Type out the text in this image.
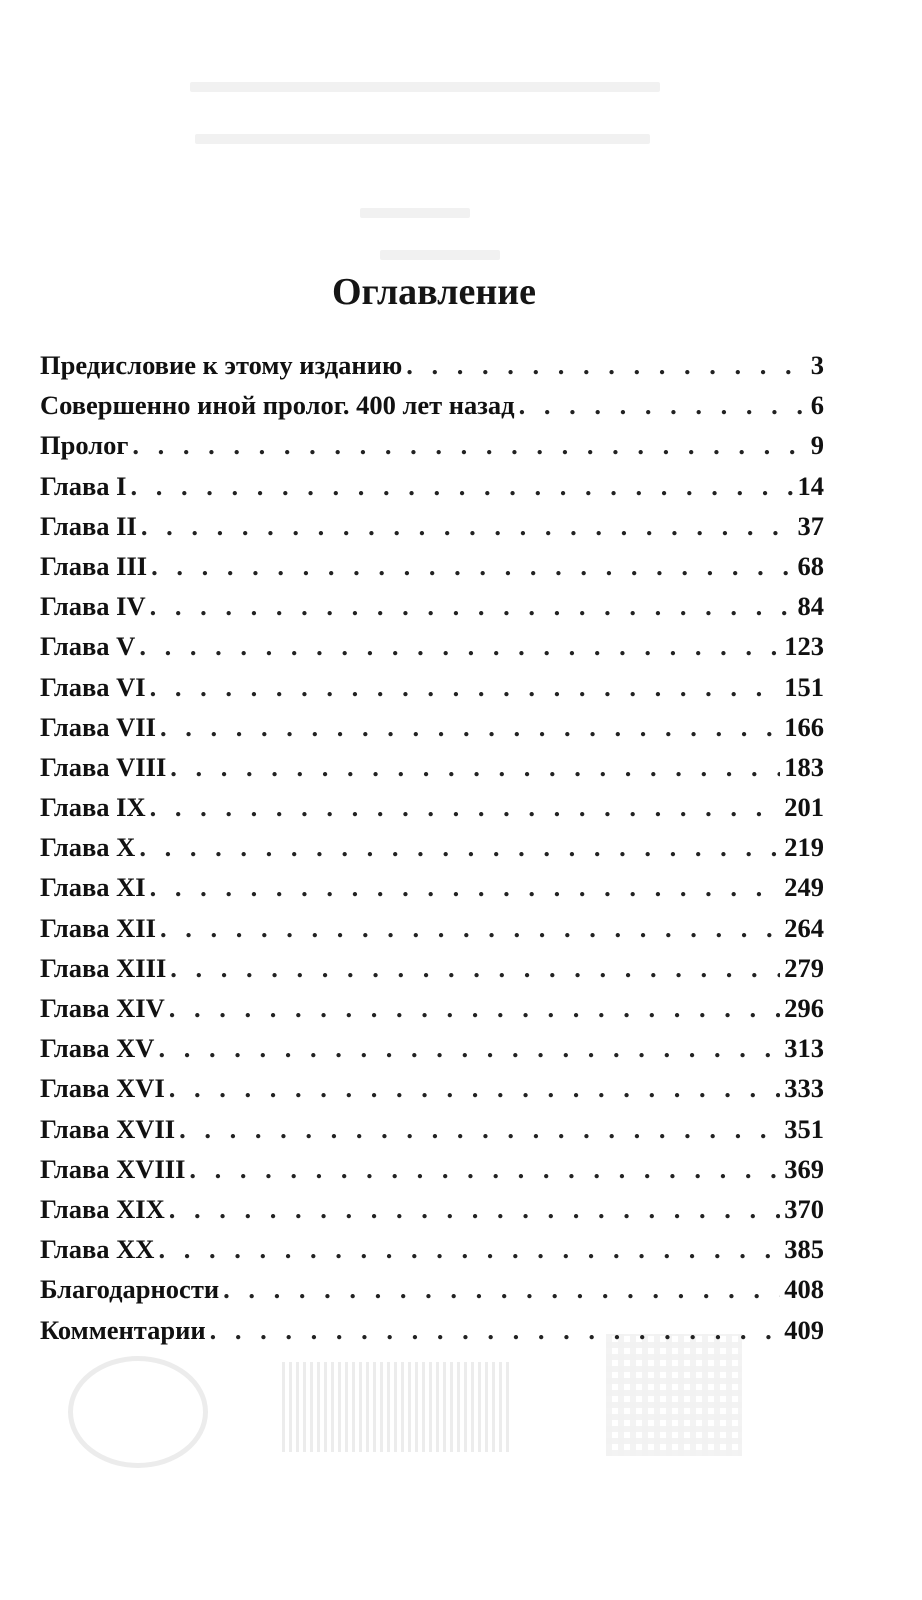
Оглавление
Предисловие к этому изданию . . .	3
Совершенно иной пролог. 400 лет назад . . .	6
Пролог . . .	9
Глава I . . .	14
Глава II . . .	37
Глава III . . .	68
Глава IV . . .	84
Глава V . . .	123
Глава VI . . .	151
Глава VII . . .	166
Глава VIII . . .	183
Глава IX . . .	201
Глава X . . .	219
Глава XI . . .	249
Глава XII . . .	264
Глава XIII . . .	279
Глава XIV . . .	296
Глава XV . . .	313
Глава XVI . . .	333
Глава XVII . . .	351
Глава XVIII . . .	369
Глава XIX . . .	370
Глава XX . . .	385
Благодарности . . .	408
Комментарии . . .	409
